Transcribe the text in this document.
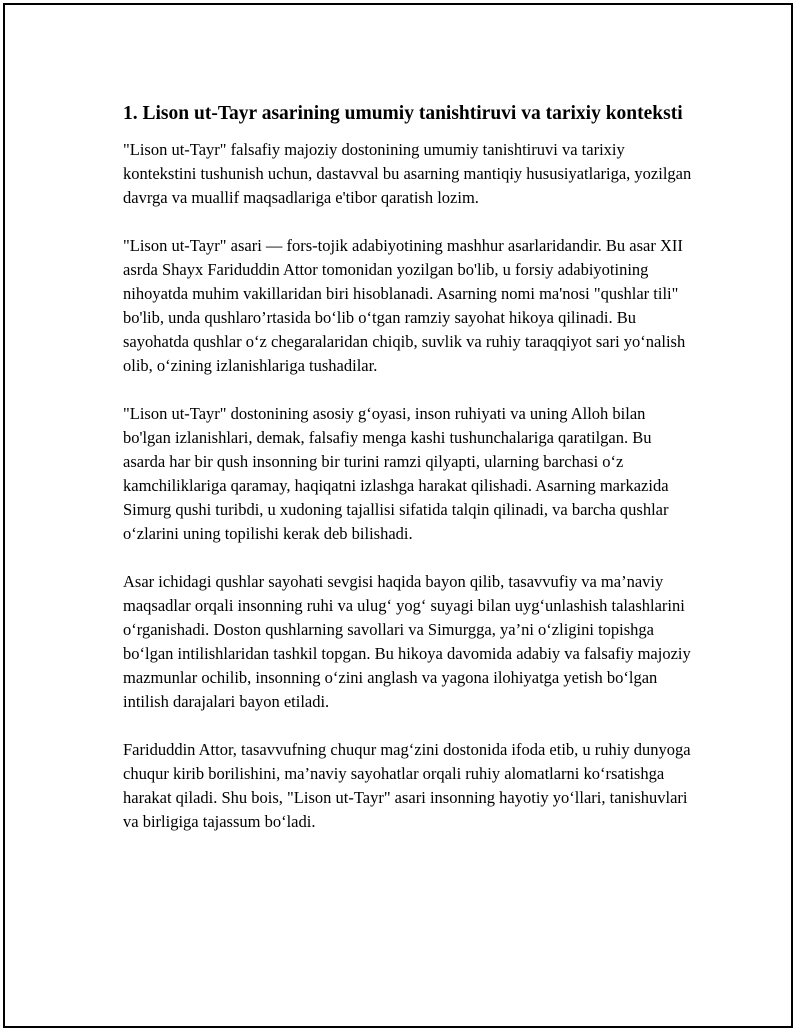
1. Lison ut-Tayr asarining umumiy tanishtiruvi va tarixiy konteksti

"Lison ut-Tayr" falsafiy majoziy dostonining umumiy tanishtiruvi va tarixiy kontekstini tushunish uchun, dastavval bu asarning mantiqiy hususiyatlariga, yozilgan davrga va muallif maqsadlariga e'tibor qaratish lozim.

"Lison ut-Tayr" asari — fors-tojik adabiyotining mashhur asarlaridandir. Bu asar XII asrda Shayx Fariduddin Attor tomonidan yozilgan bo'lib, u forsiy adabiyotining nihoyatda muhim vakillaridan biri hisoblanadi. Asarning nomi ma'nosi "qushlar tili" bo'lib, unda qushlaro’rtasida bo‘lib o‘tgan ramziy sayohat hikoya qilinadi. Bu sayohatda qushlar o‘z chegaralaridan chiqib, suvlik va ruhiy taraqqiyot sari yo‘nalish olib, o‘zining izlanishlariga tushadilar.

"Lison ut-Tayr" dostonining asosiy g‘oyasi, inson ruhiyati va uning Alloh bilan bo'lgan izlanishlari, demak, falsafiy menga kashi tushunchalariga qaratilgan. Bu asarda har bir qush insonning bir turini ramzi qilyapti, ularning barchasi o‘z kamchiliklariga qaramay, haqiqatni izlashga harakat qilishadi. Asarning markazida Simurg qushi turibdi, u xudoning tajallisi sifatida talqin qilinadi, va barcha qushlar o‘zlarini uning topilishi kerak deb bilishadi.

Asar ichidagi qushlar sayohati sevgisi haqida bayon qilib, tasavvufiy va ma’naviy maqsadlar orqali insonning ruhi va ulug‘ yog‘ suyagi bilan uyg‘unlashish talashlarini o‘rganishadi. Doston qushlarning savollari va Simurgga, ya’ni o‘zligini topishga bo‘lgan intilishlaridan tashkil topgan. Bu hikoya davomida adabiy va falsafiy majoziy mazmunlar ochilib, insonning o‘zini anglash va yagona ilohiyatga yetish bo‘lgan intilish darajalari bayon etiladi.

Fariduddin Attor, tasavvufning chuqur mag‘zini dostonida ifoda etib, u ruhiy dunyoga chuqur kirib borilishini, ma’naviy sayohatlar orqali ruhiy alomatlarni ko‘rsatishga harakat qiladi. Shu bois, "Lison ut-Tayr" asari insonning hayotiy yo‘llari, tanishuvlari va birligiga tajassum bo‘ladi.
